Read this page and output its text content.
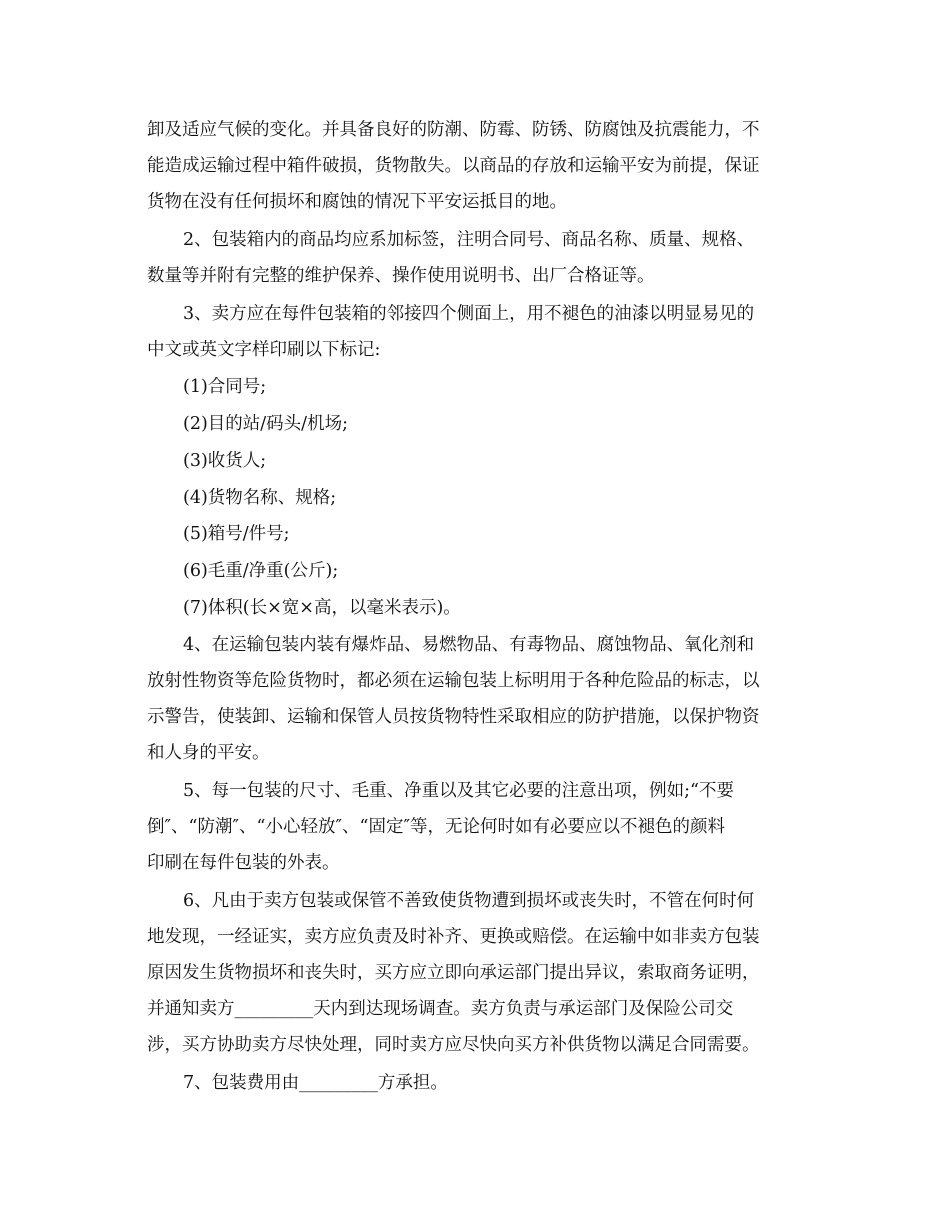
卸及适应气候的变化。并具备良好的防潮、防霉、防锈、防腐蚀及抗震能力，不
能造成运输过程中箱件破损，货物散失。以商品的存放和运输平安为前提，保证
货物在没有任何损坏和腐蚀的情况下平安运抵目的地。
2、包装箱内的商品均应系加标签，注明合同号、商品名称、质量、规格、
数量等并附有完整的维护保养、操作使用说明书、出厂合格证等。
3、卖方应在每件包装箱的邻接四个侧面上，用不褪色的油漆以明显易见的
中文或英文字样印刷以下标记:
(1)合同号;
(2)目的站/码头/机场;
(3)收货人;
(4)货物名称、规格;
(5)箱号/件号;
(6)毛重/净重(公斤);
(7)体积(长×宽×高，以毫米表示)。
4、在运输包装内装有爆炸品、易燃物品、有毒物品、腐蚀物品、氧化剂和
放射性物资等危险货物时，都必须在运输包装上标明用于各种危险品的标志，以
示警告，使装卸、运输和保管人员按货物特性采取相应的防护措施，以保护物资
和人身的平安。
5、每一包装的尺寸、毛重、净重以及其它必要的注意出项，例如;“不要
倒″、“防潮″、“小心轻放″、“固定″等，无论何时如有必要应以不褪色的颜料
印刷在每件包装的外表。
6、凡由于卖方包装或保管不善致使货物遭到损坏或丧失时，不管在何时何
地发现，一经证实，卖方应负责及时补齐、更换或赔偿。在运输中如非卖方包装
原因发生货物损坏和丧失时，买方应立即向承运部门提出异议，索取商务证明，
并通知卖方_________天内到达现场调查。卖方负责与承运部门及保险公司交
涉，买方协助卖方尽快处理，同时卖方应尽快向买方补供货物以满足合同需要。
7、包装费用由_________方承担。
